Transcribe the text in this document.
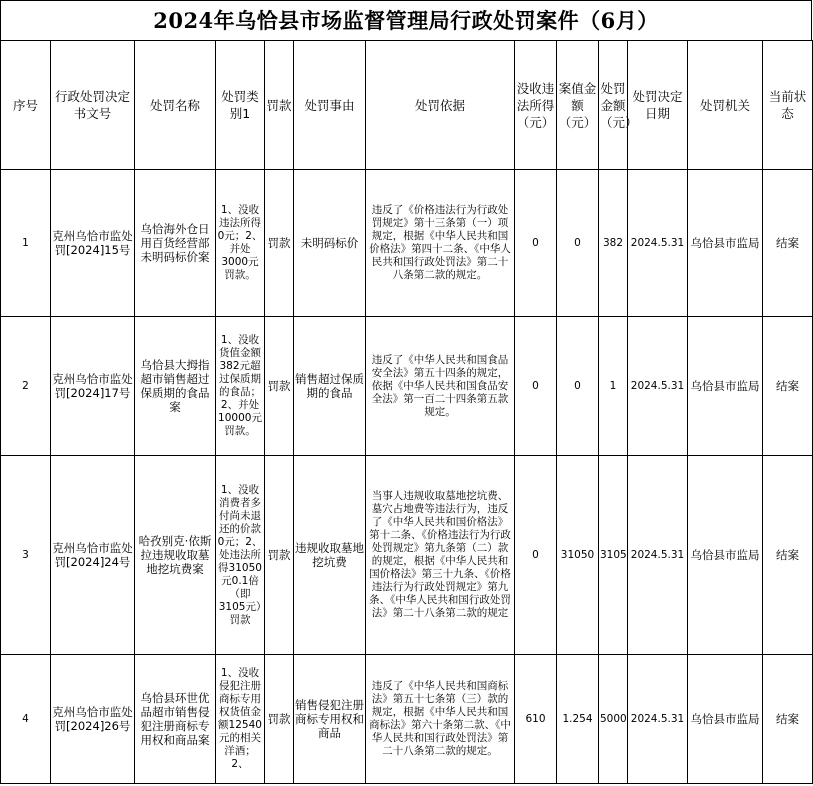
2024年乌恰县市场监督管理局行政处罚案件（6月）
序号	行政处罚决定书文号	处罚名称	处罚类别1	罚款	处罚事由	处罚依据	没收违法所得（元）	案值金额（元）	处罚金额（元）	处罚决定日期	处罚机关	当前状态
1	克州乌恰市监处罚[2024]15号	乌恰海外仓日用百货经营部未明码标价案	1、没收违法所得0元；2、并处3000元罚款。	罚款	未明码标价	违反了《价格违法行为行政处罚规定》第十三条第（一）项 规定，根据《中华人民共和国价格法》第四十二条、《中华人民共和国行政处罚法》第二十八条第二款的规定。	0	0	382	2024.5.31	乌恰县市监局	结案
2	克州乌恰市监处罚[2024]17号	乌恰县大拇指超市销售超过保质期的食品案	1、没收货值金额382元超过保质期的食品；2、并处10000元罚款。	罚款	销售超过保质期的食品	违反了《中华人民共和国食品安全法》第五十四条的规定，依据《中华人民共和国食品安全法》第一百二十四条第五款规定。	0	0	1	2024.5.31	乌恰县市监局	结案
3	克州乌恰市监处罚[2024]24号	哈孜别克·依斯拉违规收取墓地挖坑费案	1、没收消费者多付尚未退还的价款0元；2、处违法所得31050元0.1倍（即3105元）罚款	罚款	违规收取墓地挖坑费	当事人违规收取墓地挖坑费、墓穴占地费等违法行为，违反了《中华人民共和国价格法》第十二条、《价格违法行为行政处罚规定》第九条第（二）款的规定，根据《中华人民共和国价格法》第三十九条、《价格违法行为行政处罚规定》第九条、《中华人民共和国行政处罚法》第二十八条第二款的规定	0	31050	3105	2024.5.31	乌恰县市监局	结案
4	克州乌恰市监处罚[2024]26号	乌恰县环世优品超市销售侵犯注册商标专用权和商品案	1、没收侵犯注册商标专用权货值金额12540元的相关洋酒；2、	罚款	销售侵犯注册商标专用权和商品	违反了《中华人民共和国商标法》第五十七条第（三）款的规定，根据《中华人民共和国商标法》第六十条第二款、《中华人民共和国行政处罚法》第二十八条第二款的规定。	610	1.254	5000	2024.5.31	乌恰县市监局	结案
